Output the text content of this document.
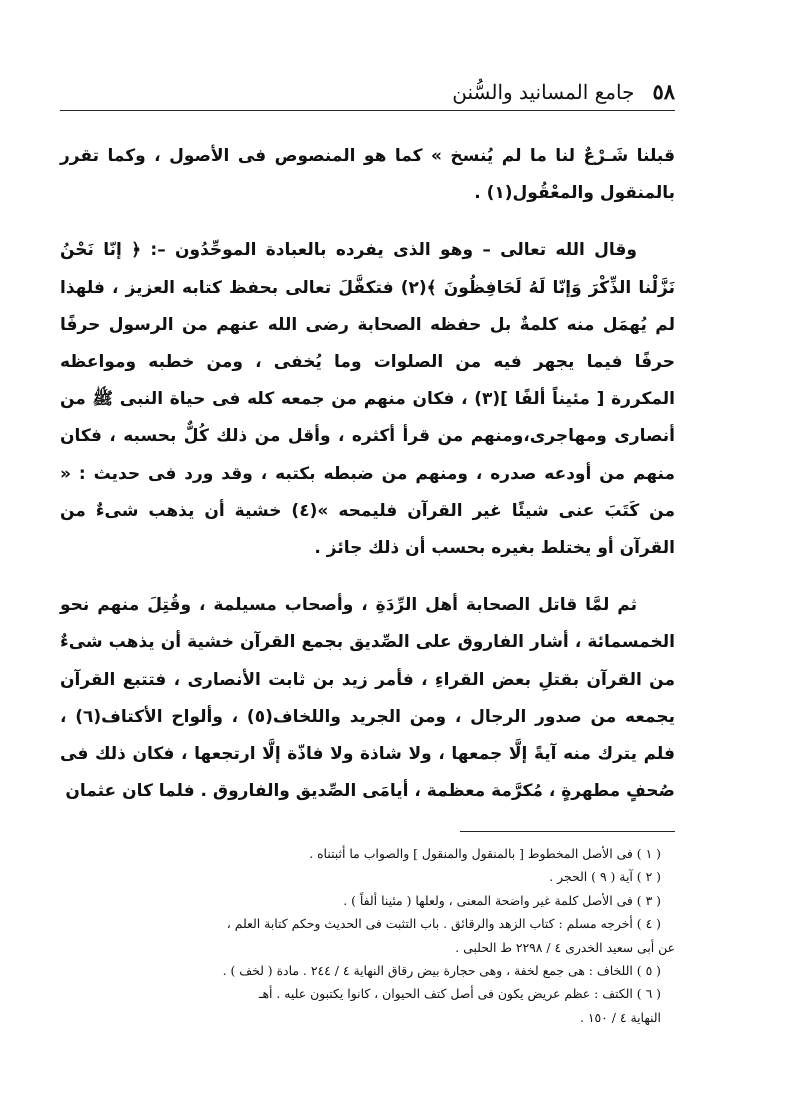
٥٨
جامع المسانيد والسُّنن

قبلنا شَـرْعٌ لنا ما لم يُنسخ » كما هو المنصوص فى الأصول ، وكما تقرر بالمنقول والمعْقُول(١) .

وقال الله تعالى – وهو الذى يفرده بالعبادة الموحِّدُون –: ﴿ إنّا نَحْنُ نَزَّلْنا الذِّكْرَ وَإنّا لَهُ لَحَافِظُونَ ﴾(٢) فتكفَّلَ تعالى بحفظ كتابه العزيز ، فلهذا لم يُهمَل منه كلمةٌ بل حفظه الصحابة رضى الله عنهم من الرسول حرفًا حرفًا فيما يجهر فيه من الصلوات وما يُخفى ، ومن خطبه ومواعظه المكررة [ مئيناً ألفًا ](٣) ، فكان منهم من جمعه كله فى حياة النبى ﷺ من أنصارى ومهاجرى،ومنهم من قرأ أكثره ، وأقل من ذلك كُلٌّ بحسبه ، فكان منهم من أودعه صدره ، ومنهم من ضبطه بكتبه ، وقد ورد فى حديث : « من كَتَبَ عنى شيئًا غير القرآن فليمحه »(٤) خشية أن يذهب شىءٌ من القرآن أو يختلط بغيره بحسب أن ذلك جائز .

ثم لمَّا قاتل الصحابة أهل الرِّدَةِ ، وأصحاب مسيلمة ، وقُتِلَ منهم نحو الخمسمائة ، أشار الفاروق على الصِّديق بجمع القرآن خشية أن يذهب شىءٌ من القرآن بقتلِ بعض القراءِ ، فأمر زيد بن ثابت الأنصارى ، فتتبع القرآن يجمعه من صدور الرجال ، ومن الجريد واللخاف(٥) ، وألواح الأكتاف(٦) ، فلم يترك منه آيةً إلَّا جمعها ، ولا شاذة ولا فاذّة إلَّا ارتجعها ، فكان ذلك فى صُحفٍ مطهرةٍ ، مُكرَّمة معظمة ، أيامَى الصِّديق والفاروق . فلما كان عثمان

( ١ ) فى الأصل المخطوط [ بالمنقول والمنقول ] والصواب ما أثبتناه .

( ٢ ) آية ( ٩ ) الحجر .

( ٣ ) فى الأصل كلمة غير واضحة المعنى ، ولعلها ( مئينا ألفاً ) .

( ٤ ) أخرجه مسلم : كتاب الزهد والرقائق . باب التثبت فى الحديث وحكم كتابة العلم ،

عن أبى سعيد الخدرى ٤ / ٢٢٩٨ ط الحلبى .

( ٥ ) اللخاف : هى جمع لخفة ، وهى حجارة بيض رقاق النهاية ٤ / ٢٤٤ . مادة ( لخف ) .

( ٦ ) الكتف : عظم عريض يكون فى أصل كتف الحيوان ، كانوا يكتبون عليه . أهـ

النهاية ٤ / ١٥٠ .
